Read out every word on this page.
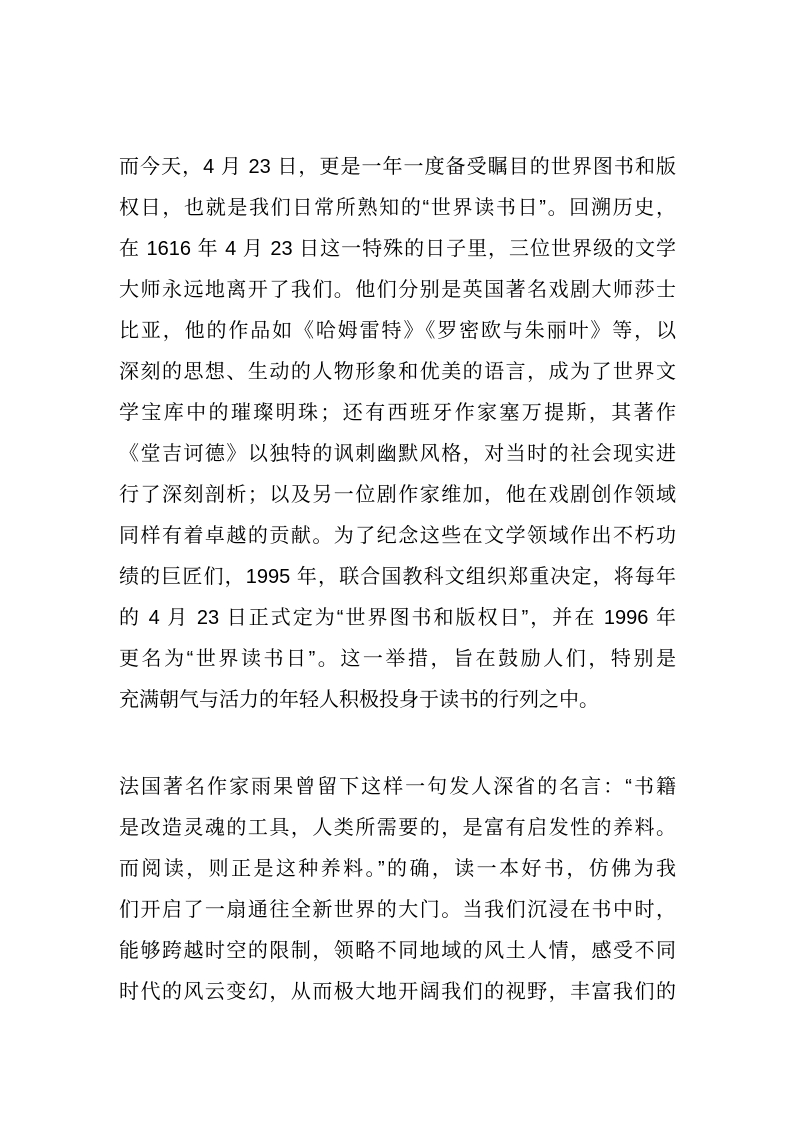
而今天，4 月 23 日，更是一年一度备受瞩目的世界图书和版
权日，也就是我们日常所熟知的“世界读书日”。回溯历史，
在 1616 年 4 月 23 日这一特殊的日子里，三位世界级的文学
大师永远地离开了我们。他们分别是英国著名戏剧大师莎士
比亚，他的作品如《哈姆雷特》《罗密欧与朱丽叶》等，以
深刻的思想、生动的人物形象和优美的语言，成为了世界文
学宝库中的璀璨明珠；还有西班牙作家塞万提斯，其著作
《堂吉诃德》以独特的讽刺幽默风格，对当时的社会现实进
行了深刻剖析；以及另一位剧作家维加，他在戏剧创作领域
同样有着卓越的贡献。为了纪念这些在文学领域作出不朽功
绩的巨匠们，1995 年，联合国教科文组织郑重决定，将每年
的 4 月 23 日正式定为“世界图书和版权日”，并在 1996 年
更名为“世界读书日”。这一举措，旨在鼓励人们，特别是
充满朝气与活力的年轻人积极投身于读书的行列之中。
法国著名作家雨果曾留下这样一句发人深省的名言：“书籍
是改造灵魂的工具，人类所需要的，是富有启发性的养料。
而阅读，则正是这种养料。”的确，读一本好书，仿佛为我
们开启了一扇通往全新世界的大门。当我们沉浸在书中时，
能够跨越时空的限制，领略不同地域的风土人情，感受不同
时代的风云变幻，从而极大地开阔我们的视野，丰富我们的
